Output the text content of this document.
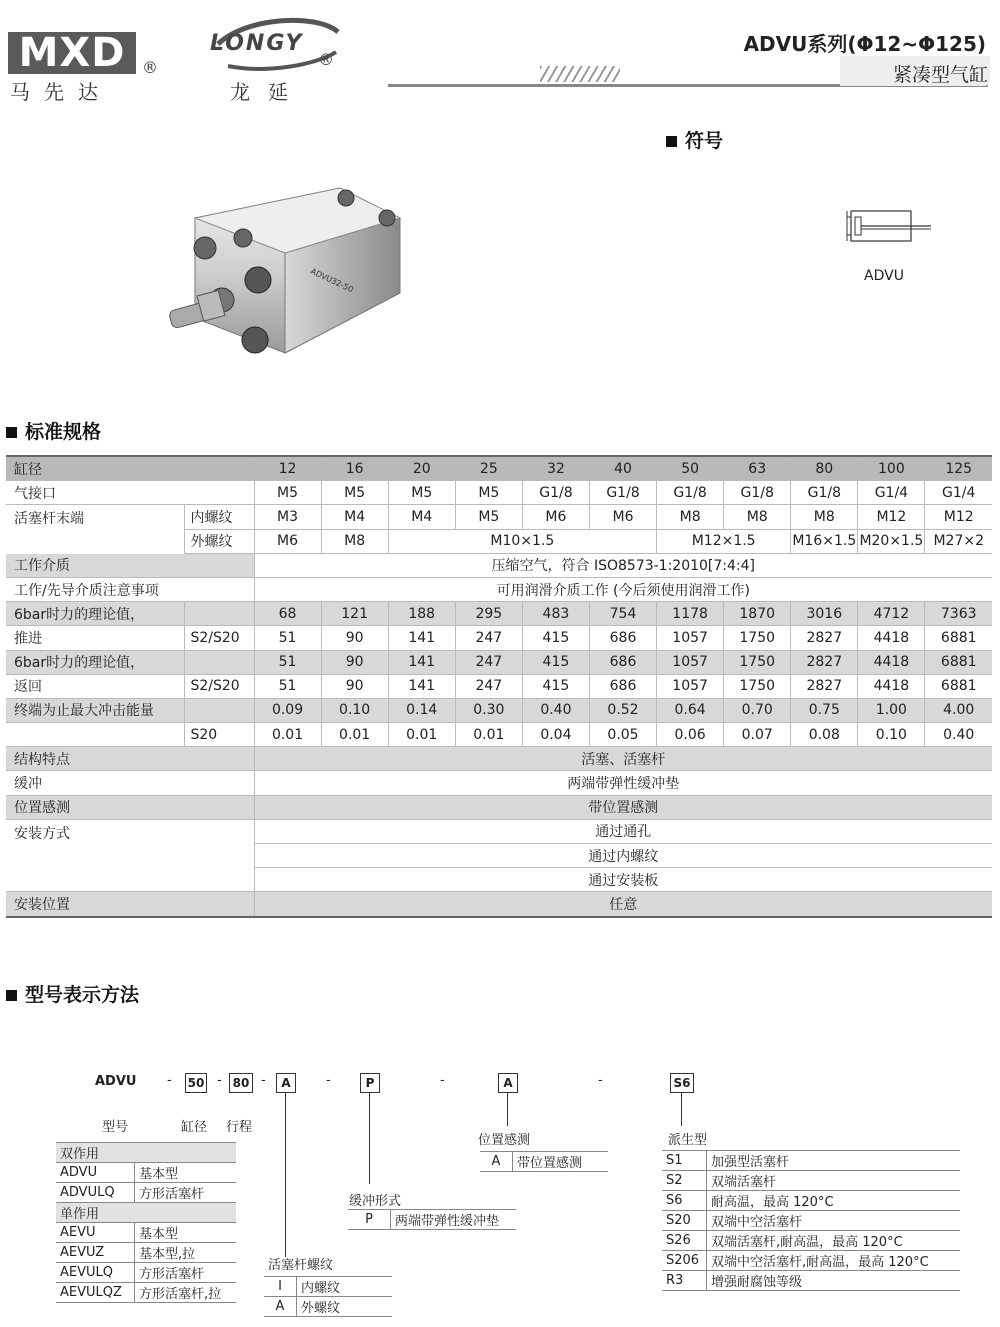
MXD	®
马先达
LONGY
®
龙延
ADVU系列(Φ12~Φ125)
紧凑型气缸
ADVU32-50
符号
ADVU
标准规格
缸径		12	16	20	25	32	40	50	63	80	100	125
气接口		M5	M5	M5	M5	G1/8	G1/8	G1/8	G1/8	G1/8	G1/4	G1/4
活塞杆末端	内螺纹	M3	M4	M4	M5	M6	M6	M8	M8	M8	M12	M12
	外螺纹	M6	M8	M10×1.5				M12×1.5		M16×1.5	M20×1.5	M27×2
工作介质		压缩空气，符合 ISO8573-1:2010[7:4:4]										
工作/先导介质注意事项		可用润滑介质工作 (今后须使用润滑工作)										
6bar时力的理论值，		68	121	188	295	483	754	1178	1870	3016	4712	7363
推进	S2/S20	51	90	141	247	415	686	1057	1750	2827	4418	6881
6bar时力的理论值，		51	90	141	247	415	686	1057	1750	2827	4418	6881
返回	S2/S20	51	90	141	247	415	686	1057	1750	2827	4418	6881
终端为止最大冲击能量		0.09	0.10	0.14	0.30	0.40	0.52	0.64	0.70	0.75	1.00	4.00
	S20	0.01	0.01	0.01	0.01	0.04	0.05	0.06	0.07	0.08	0.10	0.40
结构特点		活塞、活塞杆										
缓冲		两端带弹性缓冲垫										
位置感测		带位置感测										
安装方式		通过通孔										
		通过内螺纹										
		通过安装板										
安装位置		任意										
型号表示方法
ADVU - 50 - 80 -	A	-	P	-	A	-	S6
型号	缸径 行程
双作用	
ADVU	基本型
ADVULQ	方形活塞杆
单作用	
AEVU	基本型
AEVUZ	基本型,拉
AEVULQ	方形活塞杆
AEVULQZ	方形活塞杆,拉
活塞杆螺纹
I	内螺纹
A	外螺纹
缓冲形式
P	两端带弹性缓冲垫
位置感测
A	带位置感测
派生型
S1	加强型活塞杆
S2	双端活塞杆
S6	耐高温，最高 120°C
S20	双端中空活塞杆
S26	双端活塞杆,耐高温，最高 120°C
S206	双端中空活塞杆,耐高温，最高 120°C
R3	增强耐腐蚀等级
